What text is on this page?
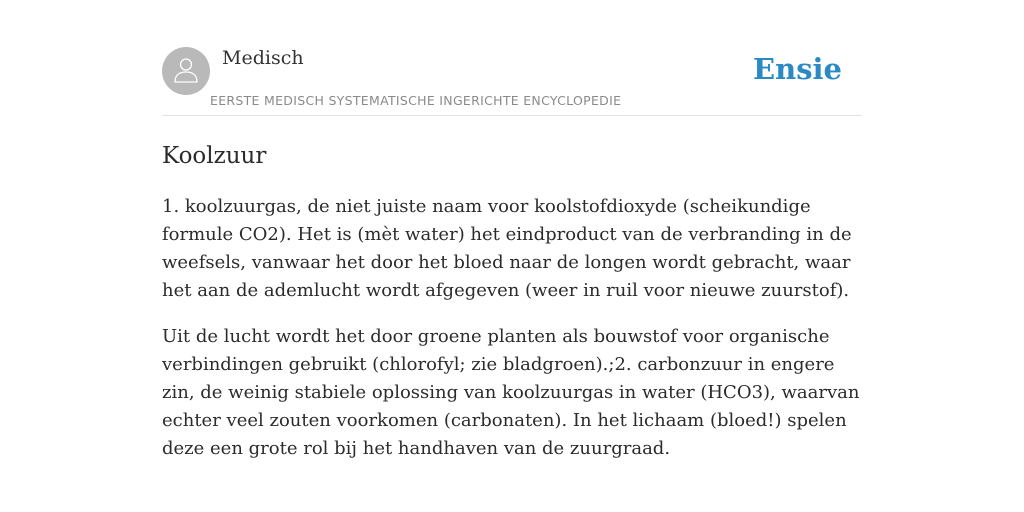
Medisch
EERSTE MEDISCH SYSTEMATISCHE INGERICHTE ENCYCLOPEDIE
Ensie
Koolzuur

1. koolzuurgas, de niet juiste naam voor koolstofdioxyde (scheikundige formule CO2). Het is (mèt water) het eindproduct van de verbranding in de weefsels, vanwaar het door het bloed naar de longen wordt gebracht, waar het aan de ademlucht wordt afgegeven (weer in ruil voor nieuwe zuurstof).

Uit de lucht wordt het door groene planten als bouwstof voor organische verbindingen gebruikt (chlorofyl; zie bladgroen).;2. carbonzuur in engere zin, de weinig stabiele oplossing van koolzuurgas in water (HCO3), waarvan echter veel zouten voorkomen (carbonaten). In het lichaam (bloed!) spelen deze een grote rol bij het handhaven van de zuurgraad.
